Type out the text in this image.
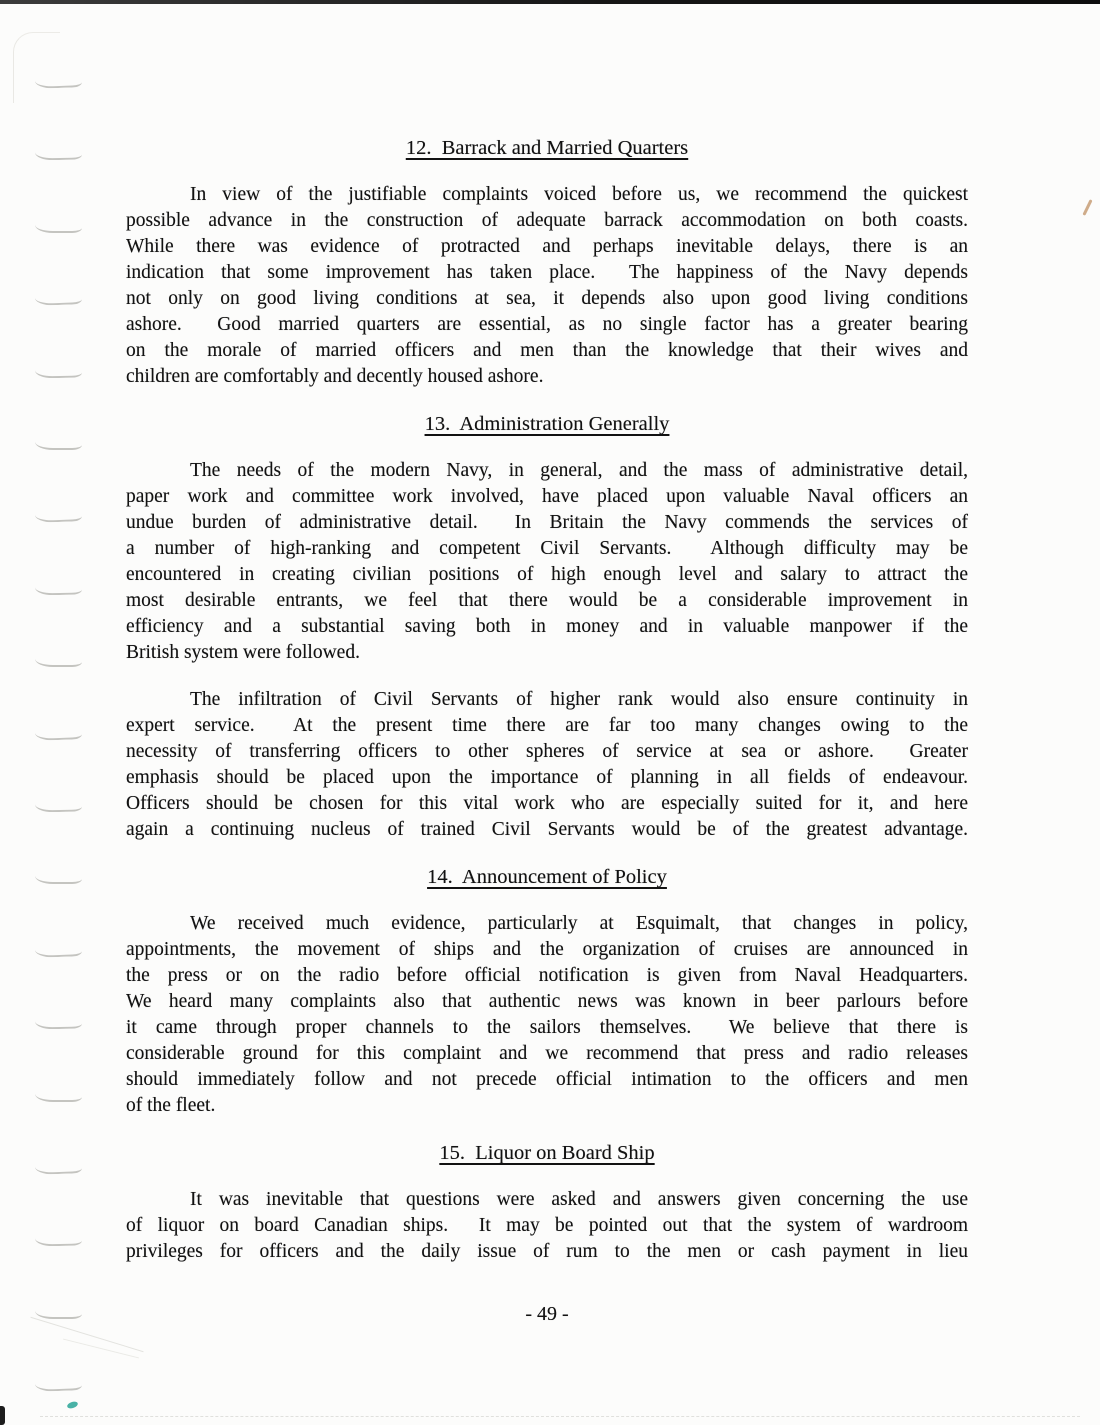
12.  Barrack and Married Quarters
In view of the justifiable complaints voiced before us, we recommend the quickest
possible advance in the construction of adequate barrack accommodation on both coasts.
While there was evidence of protracted and perhaps inevitable delays, there is an
indication that some improvement has taken place.  The happiness of the Navy depends
not only on good living conditions at sea, it depends also upon good living conditions
ashore.  Good married quarters are essential, as no single factor has a greater bearing
on the morale of married officers and men than the knowledge that their wives and
children are comfortably and decently housed ashore.
13.  Administration Generally
The needs of the modern Navy, in general, and the mass of administrative detail,
paper work and committee work involved, have placed upon valuable Naval officers an
undue burden of administrative detail.  In Britain the Navy commends the services of
a number of high-ranking and competent Civil Servants.  Although difficulty may be
encountered in creating civilian positions of high enough level and salary to attract the
most desirable entrants, we feel that there would be a considerable improvement in
efficiency and a substantial saving both in money and in valuable manpower if the
British system were followed.
The infiltration of Civil Servants of higher rank would also ensure continuity in
expert service.  At the present time there are far too many changes owing to the
necessity of transferring officers to other spheres of service at sea or ashore.  Greater
emphasis should be placed upon the importance of planning in all fields of endeavour.
Officers should be chosen for this vital work who are especially suited for it, and here
again a continuing nucleus of trained Civil Servants would be of the greatest advantage.
14.  Announcement of Policy
We received much evidence, particularly at Esquimalt, that changes in policy,
appointments, the movement of ships and the organization of cruises are announced in
the press or on the radio before official notification is given from Naval Headquarters.
We heard many complaints also that authentic news was known in beer parlours before
it came through proper channels to the sailors themselves.  We believe that there is
considerable ground for this complaint and we recommend that press and radio releases
should immediately follow and not precede official intimation to the officers and men
of the fleet.
15.  Liquor on Board Ship
It was inevitable that questions were asked and answers given concerning the use
of liquor on board Canadian ships.  It may be pointed out that the system of wardroom
privileges for officers and the daily issue of rum to the men or cash payment in lieu
- 49 -
